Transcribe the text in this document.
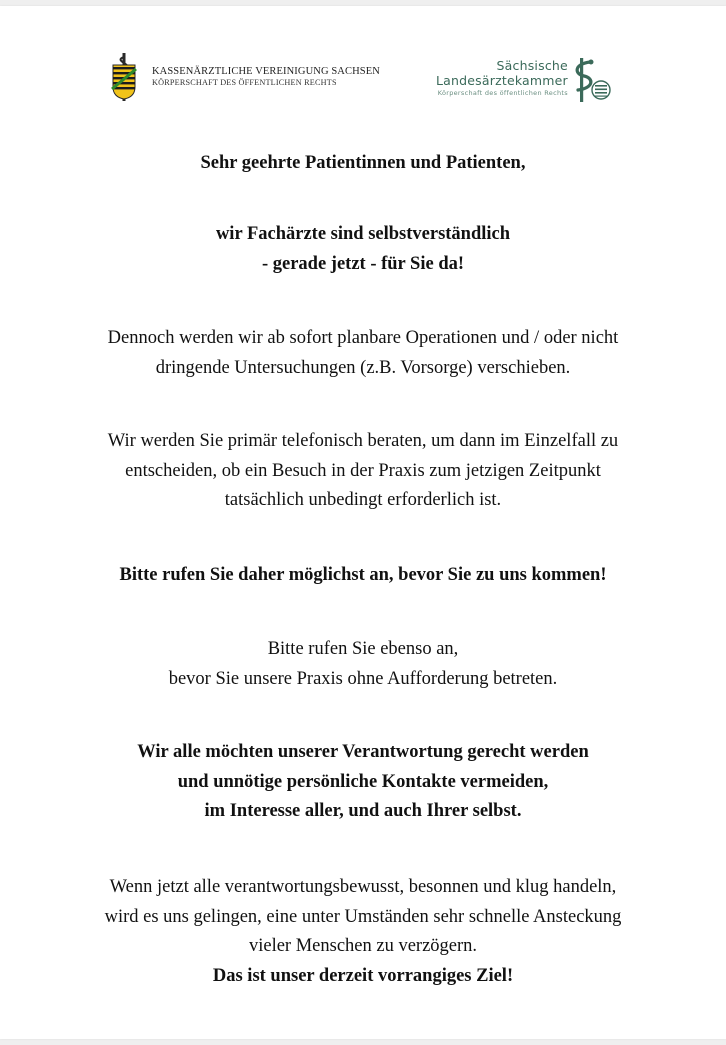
KASSENÄRZTLICHE VEREINIGUNG SACHSEN
KÖRPERSCHAFT DES ÖFFENTLICHEN RECHTS
Sächsische
Landesärztekammer
Körperschaft des öffentlichen Rechts
Sehr geehrte Patientinnen und Patienten,
wir Fachärzte sind selbstverständlich
- gerade jetzt - für Sie da!
Dennoch werden wir ab sofort planbare Operationen und / oder nicht
dringende Untersuchungen (z.B. Vorsorge) verschieben.
Wir werden Sie primär telefonisch beraten, um dann im Einzelfall zu
entscheiden, ob ein Besuch in der Praxis zum jetzigen Zeitpunkt
tatsächlich unbedingt erforderlich ist.
Bitte rufen Sie daher möglichst an, bevor Sie zu uns kommen!
Bitte rufen Sie ebenso an,
bevor Sie unsere Praxis ohne Aufforderung betreten.
Wir alle möchten unserer Verantwortung gerecht werden
und unnötige persönliche Kontakte vermeiden,
im Interesse aller, und auch Ihrer selbst.
Wenn jetzt alle verantwortungsbewusst, besonnen und klug handeln,
wird es uns gelingen, eine unter Umständen sehr schnelle Ansteckung
vieler Menschen zu verzögern.
Das ist unser derzeit vorrangiges Ziel!
